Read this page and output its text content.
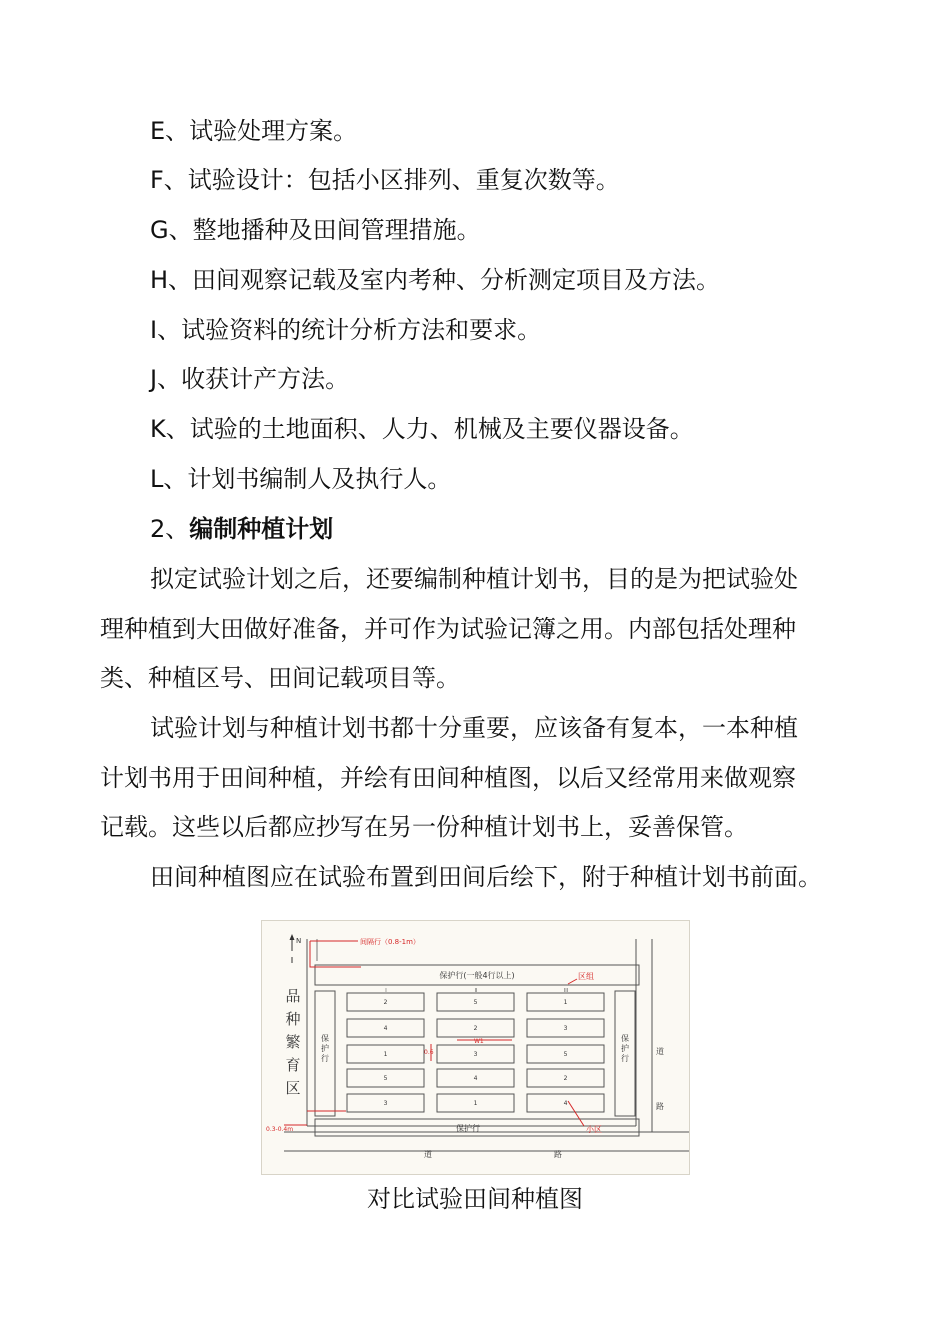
E、试验处理方案。
F、试验设计：包括小区排列、重复次数等。
G、整地播种及田间管理措施。
H、田间观察记载及室内考种、分析测定项目及方法。
I、试验资料的统计分析方法和要求。
J、收获计产方法。
K、试验的土地面积、人力、机械及主要仪器设备。
L、计划书编制人及执行人。
2、编制种植计划
拟定试验计划之后，还要编制种植计划书，目的是为把试验处
理种植到大田做好准备，并可作为试验记簿之用。内部包括处理种
类、种植区号、田间记载项目等。
试验计划与种植计划书都十分重要，应该备有复本，一本种植
计划书用于田间种植，并绘有田间种植图，以后又经常用来做观察
记载。这些以后都应抄写在另一份种植计划书上，妥善保管。
田间种植图应在试验布置到田间后绘下，附于种植计划书前面。
N
品
种
繁
育
区
保护行(一般4行以上)
I	II	III
保
护
行
保
护
行
2	5	1
4	2	3
1	3	5
5	4	2
3	1	4
保护行
道
路
道	路
间隔行（0.8-1m）
区组
W1
0.6
小区
0.3-0.4m
对比试验田间种植图
